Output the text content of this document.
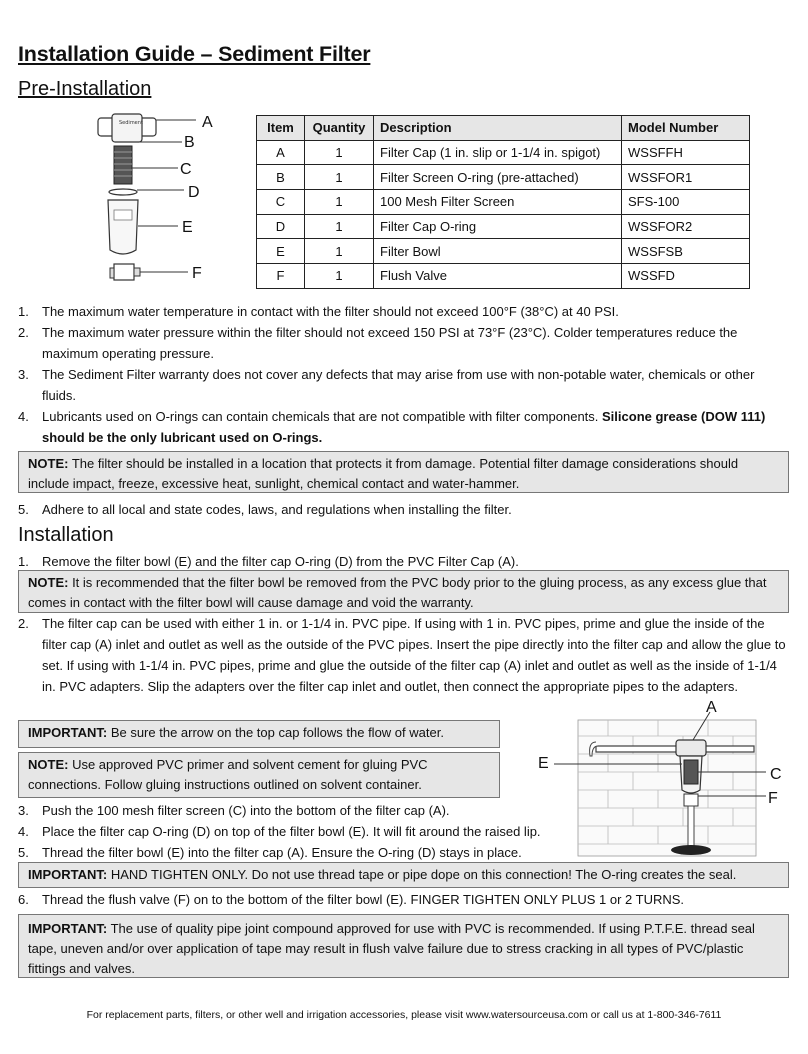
Installation Guide – Sediment Filter
Pre-Installation
Sediment	A
B
C
D
E
F
Item	Quantity	Description	Model Number
A	1	Filter Cap (1 in. slip or 1-1/4 in. spigot)	WSSFFH
B	1	Filter Screen O-ring (pre-attached)	WSSFOR1
C	1	100 Mesh Filter Screen	SFS-100
D	1	Filter Cap O-ring	WSSFOR2
E	1	Filter Bowl	WSSFSB
F	1	Flush Valve	WSSFD
1. The maximum water temperature in contact with the filter should not exceed 100°F (38°C) at 40 PSI.
2. The maximum water pressure within the filter should not exceed 150 PSI at 73°F (23°C). Colder temperatures reduce the maximum operating pressure.
3. The Sediment Filter warranty does not cover any defects that may arise from use with non-potable water, chemicals or other fluids.
4. Lubricants used on O-rings can contain chemicals that are not compatible with filter components. Silicone grease (DOW 111) should be the only lubricant used on O-rings.
NOTE: The filter should be installed in a location that protects it from damage. Potential filter damage considerations should include impact, freeze, excessive heat, sunlight, chemical contact and water-hammer.
5. Adhere to all local and state codes, laws, and regulations when installing the filter.
Installation
1. Remove the filter bowl (E) and the filter cap O-ring (D) from the PVC Filter Cap (A).
NOTE: It is recommended that the filter bowl be removed from the PVC body prior to the gluing process, as any excess glue that comes in contact with the filter bowl will cause damage and void the warranty.
2. The filter cap can be used with either 1 in. or 1-1/4 in. PVC pipe. If using with 1 in. PVC pipes, prime and glue the inside of the filter cap (A) inlet and outlet as well as the outside of the PVC pipes. Insert the pipe directly into the filter cap and allow the glue to set. If using with 1-1/4 in. PVC pipes, prime and glue the outside of the filter cap (A) inlet and outlet as well as the inside of 1-1/4 in. PVC adapters. Slip the adapters over the filter cap inlet and outlet, then connect the appropriate pipes to the adapters.
IMPORTANT: Be sure the arrow on the top cap follows the flow of water.
NOTE: Use approved PVC primer and solvent cement for gluing PVC connections. Follow gluing instructions outlined on solvent container.
A
E
C
F
3. Push the 100 mesh filter screen (C) into the bottom of the filter cap (A).
4. Place the filter cap O-ring (D) on top of the filter bowl (E). It will fit around the raised lip.
5. Thread the filter bowl (E) into the filter cap (A). Ensure the O-ring (D) stays in place.
IMPORTANT: HAND TIGHTEN ONLY. Do not use thread tape or pipe dope on this connection! The O-ring creates the seal.
6. Thread the flush valve (F) on to the bottom of the filter bowl (E). FINGER TIGHTEN ONLY PLUS 1 or 2 TURNS.
IMPORTANT: The use of quality pipe joint compound approved for use with PVC is recommended. If using P.T.F.E. thread seal tape, uneven and/or over application of tape may result in flush valve failure due to stress cracking in all types of PVC/plastic fittings and valves.
For replacement parts, filters, or other well and irrigation accessories, please visit www.watersourceusa.com or call us at 1-800-346-7611
